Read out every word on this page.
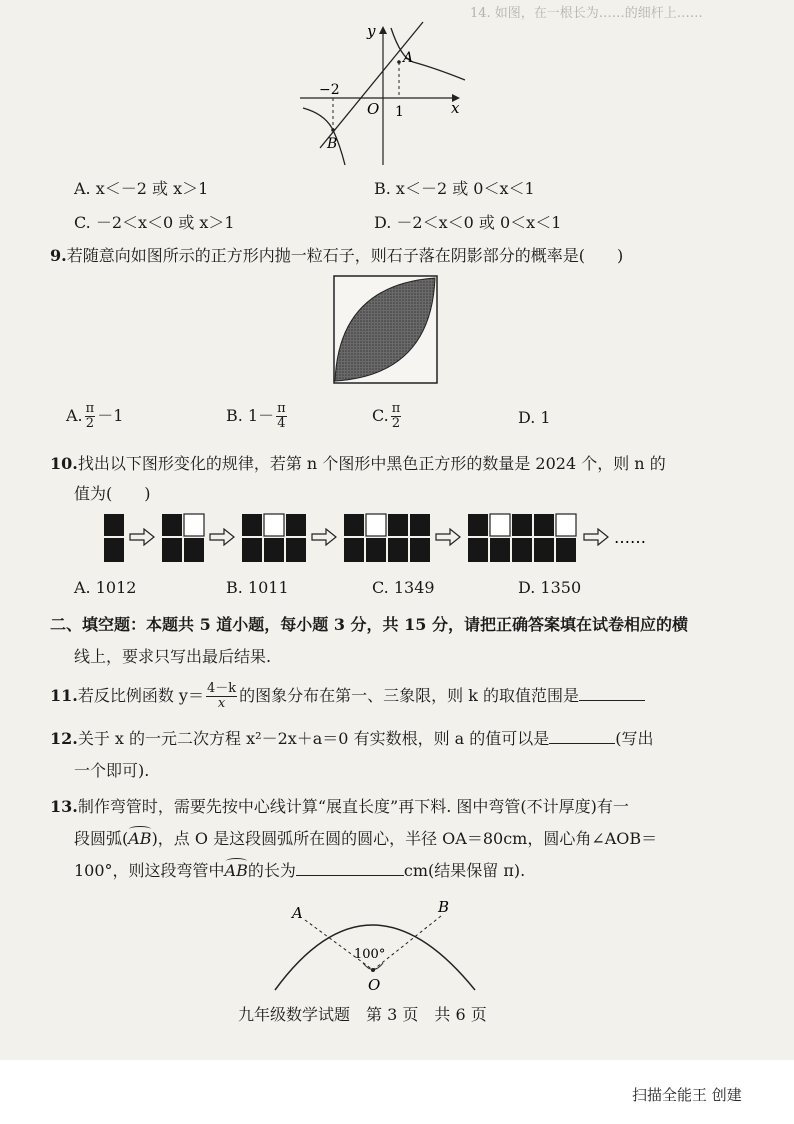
14. 如图，在一根长为……的细杆上……
y
x
O
−2
1
A
B
A. x＜－2 或 x＞1	B. x＜－2 或 0＜x＜1
C. －2＜x＜0 或 x＞1	D. －2＜x＜0 或 0＜x＜1
9.若随意向如图所示的正方形内抛一粒石子，则石子落在阴影部分的概率是(　　)
A. $\frac{\pi}{2} -1$	B. $1- \frac{\pi}{4}$	C. $\frac{\pi}{2}$	D. 1
10.找出以下图形变化的规律，若第 n 个图形中黑色正方形的数量是 2024 个，则 n 的
值为(　　)
……
A. 1012	B. 1011	C. 1349	D. 1350
二、填空题：本题共 5 道小题，每小题 3 分，共 15 分，请把正确答案填在试卷相应的横
线上，要求只写出最后结果.
11.若反比例函数 $y= \frac{4-k}{x}$ 的图象分布在第一、三象限，则 k 的取值范围是
12.关于 x 的一元二次方程 x²－2x＋a＝0 有实数根，则 a 的值可以是	(写出
一个即可).
13.制作弯管时，需要先按中心线计算“展直长度”再下料. 图中弯管(不计厚度)有一
段圆弧(AB)，点 O 是这段圆弧所在圆的圆心，半径 OA＝80cm，圆心角∠AOB＝
100°，则这段弯管中AB的长为	cm(结果保留 π).
A	B
O
100°
九年级数学试题　第 3 页　共 6 页
扫描全能王 创建
